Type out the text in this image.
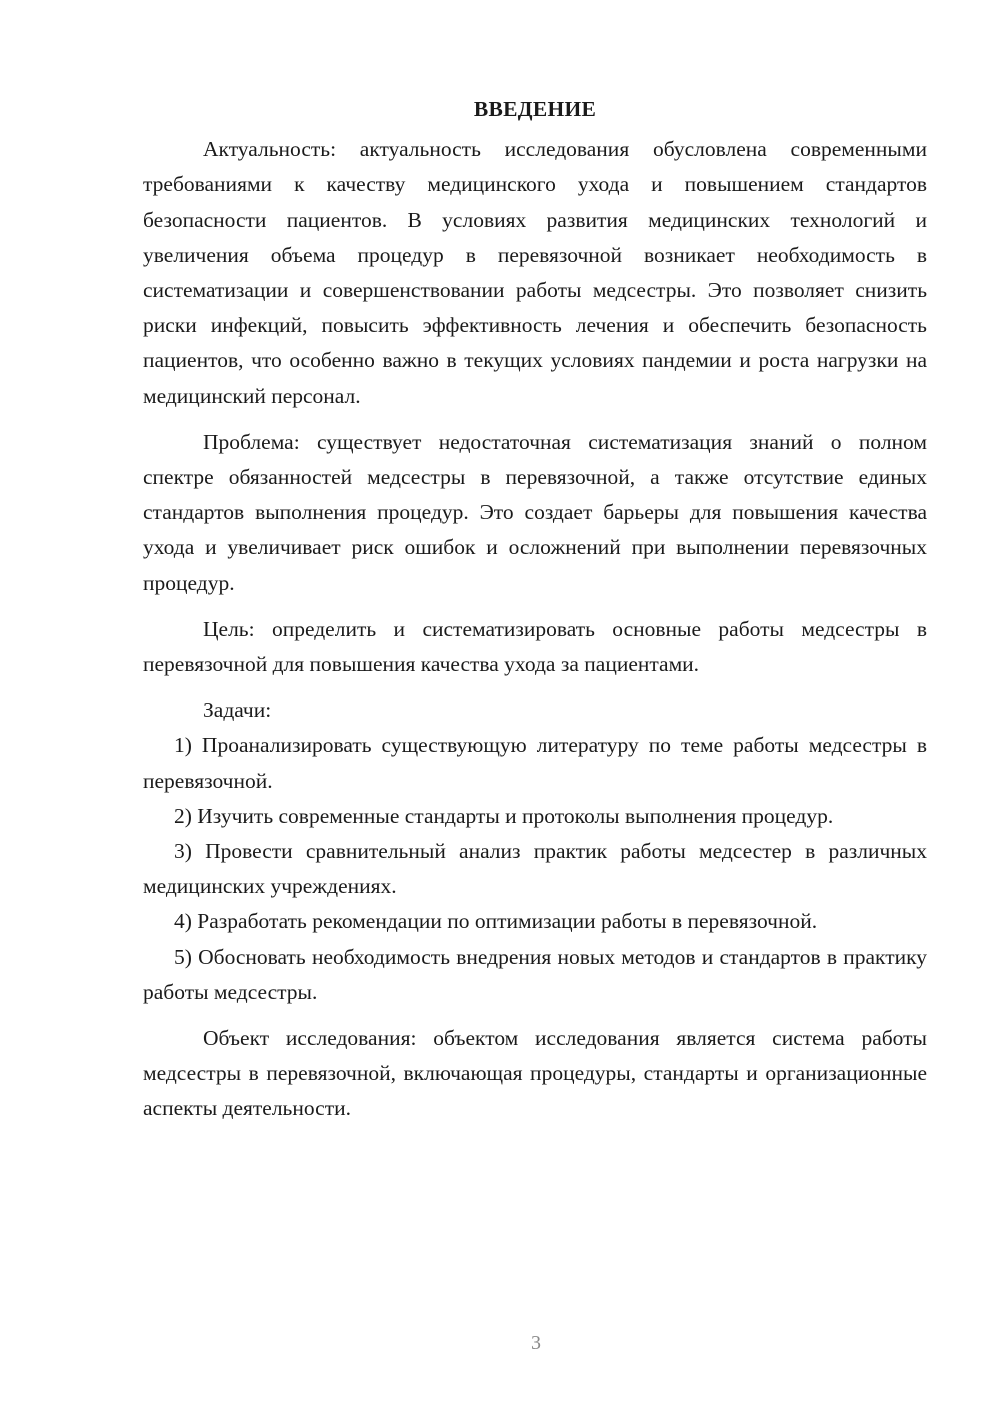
ВВЕДЕНИЕ

Актуальность: актуальность исследования обусловлена современными требованиями к качеству медицинского ухода и повышением стандартов безопасности пациентов. В условиях развития медицинских технологий и увеличения объема процедур в перевязочной возникает необходимость в систематизации и совершенствовании работы медсестры. Это позволяет снизить риски инфекций, повысить эффективность лечения и обеспечить безопасность пациентов, что особенно важно в текущих условиях пандемии и роста нагрузки на медицинский персонал.

Проблема: существует недостаточная систематизация знаний о полном спектре обязанностей медсестры в перевязочной, а также отсутствие единых стандартов выполнения процедур. Это создает барьеры для повышения качества ухода и увеличивает риск ошибок и осложнений при выполнении перевязочных процедур.

Цель: определить и систематизировать основные работы медсестры в перевязочной для повышения качества ухода за пациентами.

Задачи:

1) Проанализировать существующую литературу по теме работы медсестры в перевязочной.

2) Изучить современные стандарты и протоколы выполнения процедур.

3) Провести сравнительный анализ практик работы медсестер в различных медицинских учреждениях.

4) Разработать рекомендации по оптимизации работы в перевязочной.

5) Обосновать необходимость внедрения новых методов и стандартов в практику работы медсестры.

Объект исследования: объектом исследования является система работы медсестры в перевязочной, включающая процедуры, стандарты и организационные аспекты деятельности.

3
